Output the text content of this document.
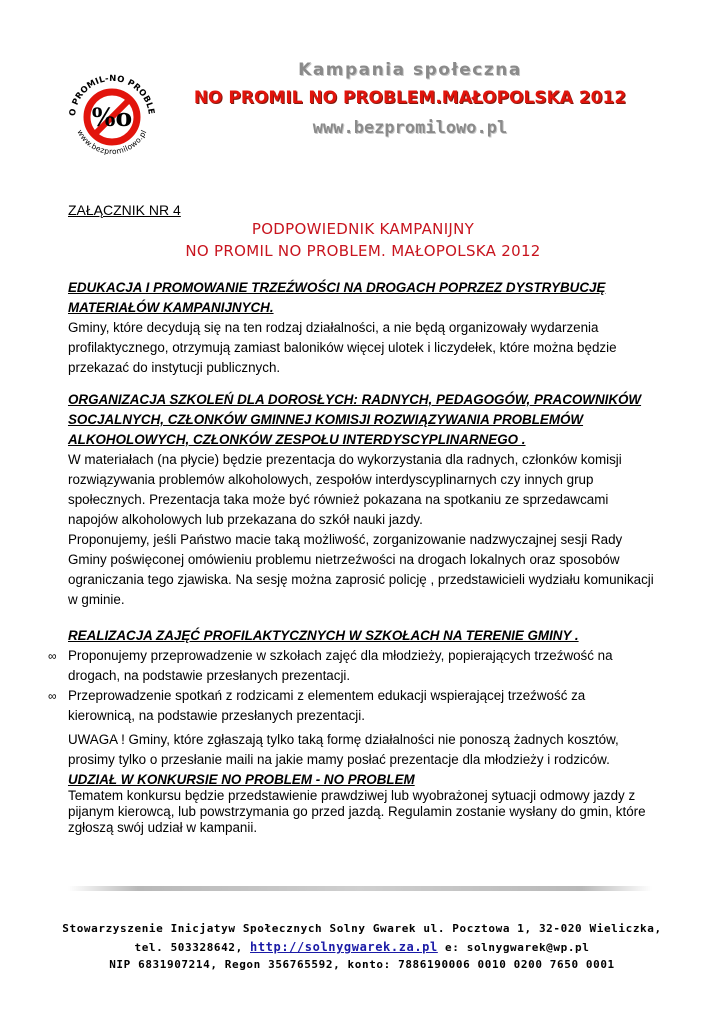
O PROMIL-NO PROBLE
www.bezpromilowo.pl
%o
Kampania społeczna
NO PROMIL NO PROBLEM.MAŁOPOLSKA 2012
www.bezpromilowo.pl
ZAŁĄCZNIK NR 4
PODPOWIEDNIK KAMPANIJNY
NO PROMIL NO PROBLEM. MAŁOPOLSKA 2012
EDUKACJA I PROMOWANIE TRZEŹWOŚCI NA DROGACH POPRZEZ DYSTRYBUCJĘ
MATERIAŁÓW KAMPANIJNYCH.
Gminy, które decydują się na ten rodzaj działalności, a nie będą organizowały wydarzenia
profilaktycznego, otrzymują zamiast baloników więcej ulotek i liczydełek, które można będzie
przekazać do instytucji publicznych.
ORGANIZACJA SZKOLEŃ DLA DOROSŁYCH: RADNYCH, PEDAGOGÓW, PRACOWNIKÓW
SOCJALNYCH, CZŁONKÓW GMINNEJ KOMISJI ROZWIĄZYWANIA PROBLEMÓW
ALKOHOLOWYCH, CZŁONKÓW ZESPOŁU INTERDYSCYPLINARNEGO .
W materiałach (na płycie) będzie prezentacja do wykorzystania dla radnych, członków komisji
rozwiązywania problemów alkoholowych, zespołów interdyscyplinarnych czy innych grup
społecznych. Prezentacja taka może być również pokazana na spotkaniu ze sprzedawcami
napojów alkoholowych lub przekazana do szkół nauki jazdy.
Proponujemy, jeśli Państwo macie taką możliwość, zorganizowanie nadzwyczajnej sesji Rady
Gminy poświęconej omówieniu problemu nietrzeźwości na drogach lokalnych oraz sposobów
ograniczania tego zjawiska. Na sesję można zaprosić policję , przedstawicieli wydziału komunikacji
w gminie.
REALIZACJA ZAJĘĆ PROFILAKTYCZNYCH W SZKOŁACH NA TERENIE GMINY .
∞ Proponujemy przeprowadzenie w szkołach zajęć dla młodzieży, popierających trzeźwość na
drogach, na podstawie przesłanych prezentacji.
∞ Przeprowadzenie spotkań z rodzicami z elementem edukacji wspierającej trzeźwość za
kierownicą, na podstawie przesłanych prezentacji.
UWAGA ! Gminy, które zgłaszają tylko taką formę działalności nie ponoszą żadnych kosztów,
prosimy tylko o przesłanie maili na jakie mamy posłać prezentacje dla młodzieży i rodziców.
UDZIAŁ W KONKURSIE NO PROBLEM - NO PROBLEM
Tematem konkursu będzie przedstawienie prawdziwej lub wyobrażonej sytuacji odmowy jazdy z
pijanym kierowcą, lub powstrzymania go przed jazdą. Regulamin zostanie wysłany do gmin, które
zgłoszą swój udział w kampanii.
Stowarzyszenie Inicjatyw Społecznych Solny Gwarek ul. Pocztowa 1, 32-020 Wieliczka,
tel. 503328642, http://solnygwarek.za.pl e: solnygwarek@wp.pl
NIP 6831907214, Regon 356765592, konto: 7886190006 0010 0200 7650 0001
